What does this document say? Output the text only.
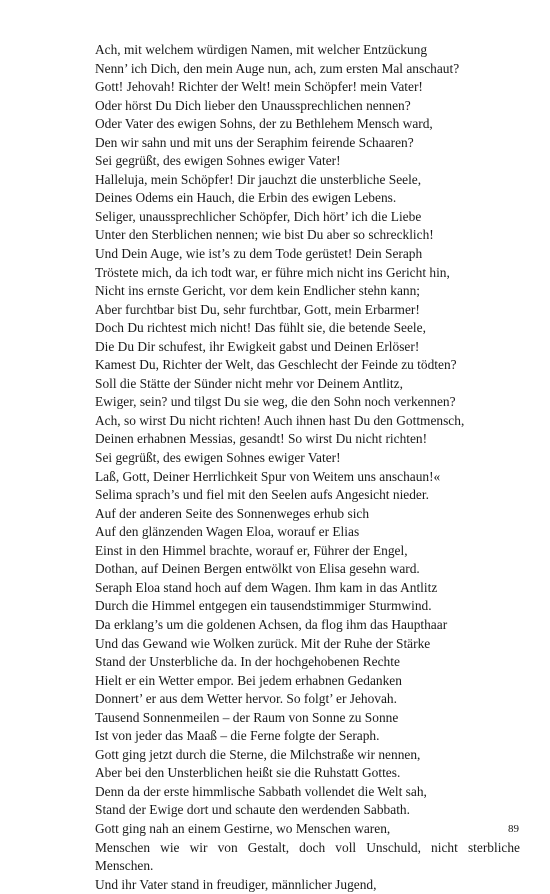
Ach, mit welchem würdigen Namen, mit welcher Entzückung
Nenn’ ich Dich, den mein Auge nun, ach, zum ersten Mal anschaut?
Gott! Jehovah! Richter der Welt! mein Schöpfer! mein Vater!
Oder hörst Du Dich lieber den Unaussprechlichen nennen?
Oder Vater des ewigen Sohns, der zu Bethlehem Mensch ward,
Den wir sahn und mit uns der Seraphim feirende Schaaren?
Sei gegrüßt, des ewigen Sohnes ewiger Vater!
Halleluja, mein Schöpfer! Dir jauchzt die unsterbliche Seele,
Deines Odems ein Hauch, die Erbin des ewigen Lebens.
Seliger, unaussprechlicher Schöpfer, Dich hört’ ich die Liebe
Unter den Sterblichen nennen; wie bist Du aber so schrecklich!
Und Dein Auge, wie ist’s zu dem Tode gerüstet! Dein Seraph
Tröstete mich, da ich todt war, er führe mich nicht ins Gericht hin,
Nicht ins ernste Gericht, vor dem kein Endlicher stehn kann;
Aber furchtbar bist Du, sehr furchtbar, Gott, mein Erbarmer!
Doch Du richtest mich nicht! Das fühlt sie, die betende Seele,
Die Du Dir schufest, ihr Ewigkeit gabst und Deinen Erlöser!
Kamest Du, Richter der Welt, das Geschlecht der Feinde zu tödten?
Soll die Stätte der Sünder nicht mehr vor Deinem Antlitz,
Ewiger, sein? und tilgst Du sie weg, die den Sohn noch verkennen?
Ach, so wirst Du nicht richten! Auch ihnen hast Du den Gottmensch,
Deinen erhabnen Messias, gesandt! So wirst Du nicht richten!
Sei gegrüßt, des ewigen Sohnes ewiger Vater!
Laß, Gott, Deiner Herrlichkeit Spur von Weitem uns anschaun!«
Selima sprach’s und fiel mit den Seelen aufs Angesicht nieder.
Auf der anderen Seite des Sonnenweges erhub sich
Auf den glänzenden Wagen Eloa, worauf er Elias
Einst in den Himmel brachte, worauf er, Führer der Engel,
Dothan, auf Deinen Bergen entwölkt von Elisa gesehn ward.
Seraph Eloa stand hoch auf dem Wagen. Ihm kam in das Antlitz
Durch die Himmel entgegen ein tausendstimmiger Sturmwind.
Da erklang’s um die goldenen Achsen, da flog ihm das Haupthaar
Und das Gewand wie Wolken zurück. Mit der Ruhe der Stärke
Stand der Unsterbliche da. In der hochgehobenen Rechte
Hielt er ein Wetter empor. Bei jedem erhabnen Gedanken
Donnert’ er aus dem Wetter hervor. So folgt’ er Jehovah.
Tausend Sonnenmeilen – der Raum von Sonne zu Sonne
Ist von jeder das Maaß – die Ferne folgte der Seraph.
Gott ging jetzt durch die Sterne, die Milchstraße wir nennen,
Aber bei den Unsterblichen heißt sie die Ruhstatt Gottes.
Denn da der erste himmlische Sabbath vollendet die Welt sah,
Stand der Ewige dort und schaute den werdenden Sabbath.
Gott ging nah an einem Gestirne, wo Menschen waren,
Menschen wie wir von Gestalt, doch voll Unschuld, nicht sterbliche
Menschen.
Und ihr Vater stand in freudiger, männlicher Jugend,
89
